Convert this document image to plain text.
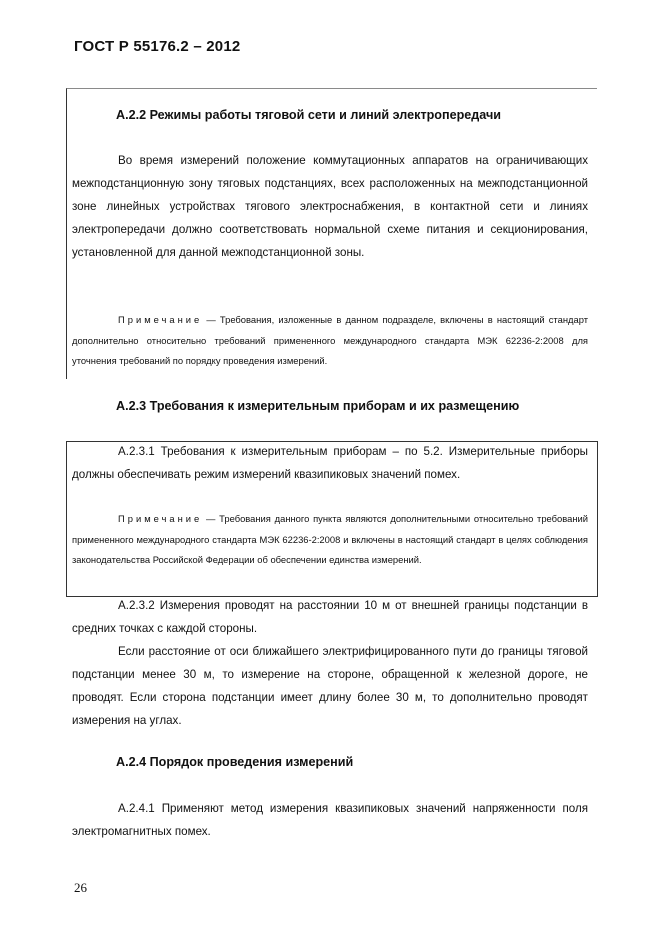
ГОСТ Р 55176.2 – 2012
А.2.2 Режимы работы тяговой сети и линий электропередачи
Во время измерений положение коммутационных аппаратов на ограничивающих межподстанционную зону тяговых подстанциях, всех расположенных на межподстанционной зоне линейных устройствах тягового электроснабжения, в контактной сети и линиях электропередачи должно соответствовать нормальной схеме питания и секционирования, установленной для данной межподстанционной зоны.
Примечание — Требования, изложенные в данном подразделе, включены в настоящий стандарт дополнительно относительно требований примененного международного стандарта МЭК 62236-2:2008 для уточнения требований по порядку проведения измерений.
А.2.3 Требования к измерительным приборам и их размещению
А.2.3.1 Требования к измерительным приборам – по 5.2. Измерительные приборы должны обеспечивать режим измерений квазипиковых значений помех.
Примечание — Требования данного пункта являются дополнительными относительно требований примененного международного стандарта МЭК 62236-2:2008 и включены в настоящий стандарт в целях соблюдения законодательства Российской Федерации об обеспечении единства измерений.
А.2.3.2 Измерения проводят на расстоянии 10 м от внешней границы подстанции в средних точках с каждой стороны.
Если расстояние от оси ближайшего электрифицированного пути до границы тяговой подстанции менее 30 м, то измерение на стороне, обращенной к железной дороге, не проводят. Если сторона подстанции имеет длину более 30 м, то дополнительно проводят измерения на углах.
А.2.4 Порядок проведения измерений
А.2.4.1 Применяют метод измерения квазипиковых значений напряженности поля электромагнитных помех.
26
